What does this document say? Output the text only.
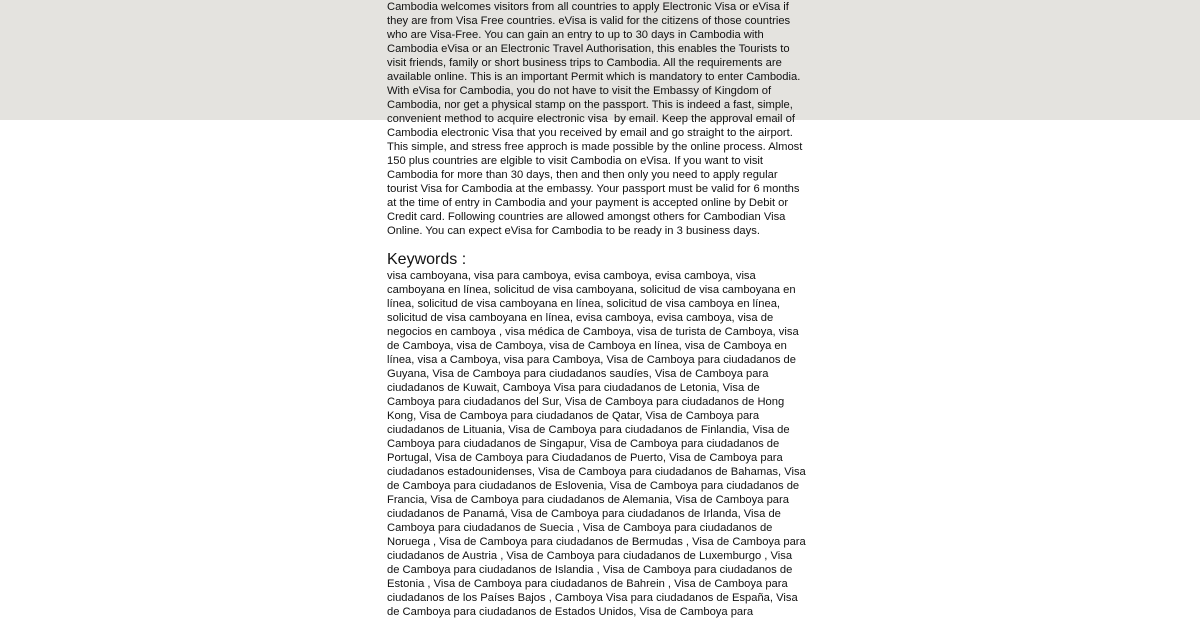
Cambodia welcomes visitors from all countries to apply Electronic Visa or eVisa if
they are from Visa Free countries. eVisa is valid for the citizens of those countries
who are Visa-Free. You can gain an entry to up to 30 days in Cambodia with
Cambodia eVisa or an Electronic Travel Authorisation, this enables the Tourists to
visit friends, family or short business trips to Cambodia. All the requirements are
available online. This is an important Permit which is mandatory to enter Cambodia.
With eVisa for Cambodia, you do not have to visit the Embassy of Kingdom of
Cambodia, nor get a physical stamp on the passport. This is indeed a fast, simple,
convenient method to acquire electronic visa  by email. Keep the approval email of
Cambodia electronic Visa that you received by email and go straight to the airport.
This simple, and stress free approch is made possible by the online process. Almost
150 plus countries are elgible to visit Cambodia on eVisa. If you want to visit
Cambodia for more than 30 days, then and then only you need to apply regular
tourist Visa for Cambodia at the embassy. Your passport must be valid for 6 months
at the time of entry in Cambodia and your payment is accepted online by Debit or
Credit card. Following countries are allowed amongst others for Cambodian Visa
Online. You can expect eVisa for Cambodia to be ready in 3 business days.

Keywords :

visa camboyana, visa para camboya, evisa camboya, evisa camboya, visa
camboyana en línea, solicitud de visa camboyana, solicitud de visa camboyana en
línea, solicitud de visa camboyana en línea, solicitud de visa camboya en línea,
solicitud de visa camboyana en línea, evisa camboya, evisa camboya, visa de
negocios en camboya , visa médica de Camboya, visa de turista de Camboya, visa
de Camboya, visa de Camboya, visa de Camboya en línea, visa de Camboya en
línea, visa a Camboya, visa para Camboya, Visa de Camboya para ciudadanos de
Guyana, Visa de Camboya para ciudadanos saudíes, Visa de Camboya para
ciudadanos de Kuwait, Camboya Visa para ciudadanos de Letonia, Visa de
Camboya para ciudadanos del Sur, Visa de Camboya para ciudadanos de Hong
Kong, Visa de Camboya para ciudadanos de Qatar, Visa de Camboya para
ciudadanos de Lituania, Visa de Camboya para ciudadanos de Finlandia, Visa de
Camboya para ciudadanos de Singapur, Visa de Camboya para ciudadanos de
Portugal, Visa de Camboya para Ciudadanos de Puerto, Visa de Camboya para
ciudadanos estadounidenses, Visa de Camboya para ciudadanos de Bahamas, Visa
de Camboya para ciudadanos de Eslovenia, Visa de Camboya para ciudadanos de
Francia, Visa de Camboya para ciudadanos de Alemania, Visa de Camboya para
ciudadanos de Panamá, Visa de Camboya para ciudadanos de Irlanda, Visa de
Camboya para ciudadanos de Suecia , Visa de Camboya para ciudadanos de
Noruega , Visa de Camboya para ciudadanos de Bermudas , Visa de Camboya para
ciudadanos de Austria , Visa de Camboya para ciudadanos de Luxemburgo , Visa
de Camboya para ciudadanos de Islandia , Visa de Camboya para ciudadanos de
Estonia , Visa de Camboya para ciudadanos de Bahrein , Visa de Camboya para
ciudadanos de los Países Bajos , Camboya Visa para ciudadanos de España, Visa
de Camboya para ciudadanos de Estados Unidos, Visa de Camboya para
